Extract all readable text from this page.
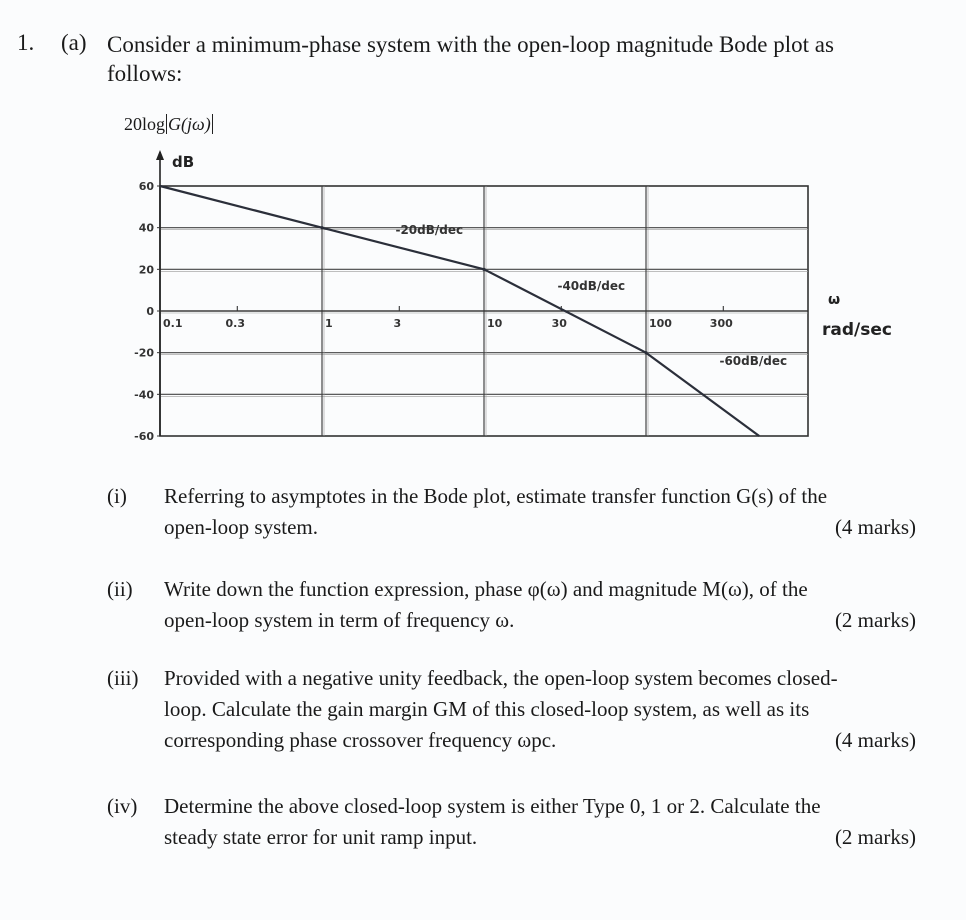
1. (a) Consider a minimum-phase system with the open-loop magnitude Bode plot as
follows:
20log G(jω)
60
40
20
0
-20
-40
-60
0.1	0.3	1	3	10	30	100	300
-20dB/dec
-40dB/dec
-60dB/dec
dB
ω
rad/sec
(i) Referring to asymptotes in the Bode plot, estimate transfer function G(s) of the
open-loop system.	(4 marks)
(ii) Write down the function expression, phase φ(ω) and magnitude M(ω), of the
open-loop system in term of frequency ω.	(2 marks)
(iii) Provided with a negative unity feedback, the open-loop system becomes closed-
loop. Calculate the gain margin GM of this closed-loop system, as well as its
corresponding phase crossover frequency ωpc.	(4 marks)
(iv) Determine the above closed-loop system is either Type 0, 1 or 2. Calculate the
steady state error for unit ramp input.	(2 marks)
